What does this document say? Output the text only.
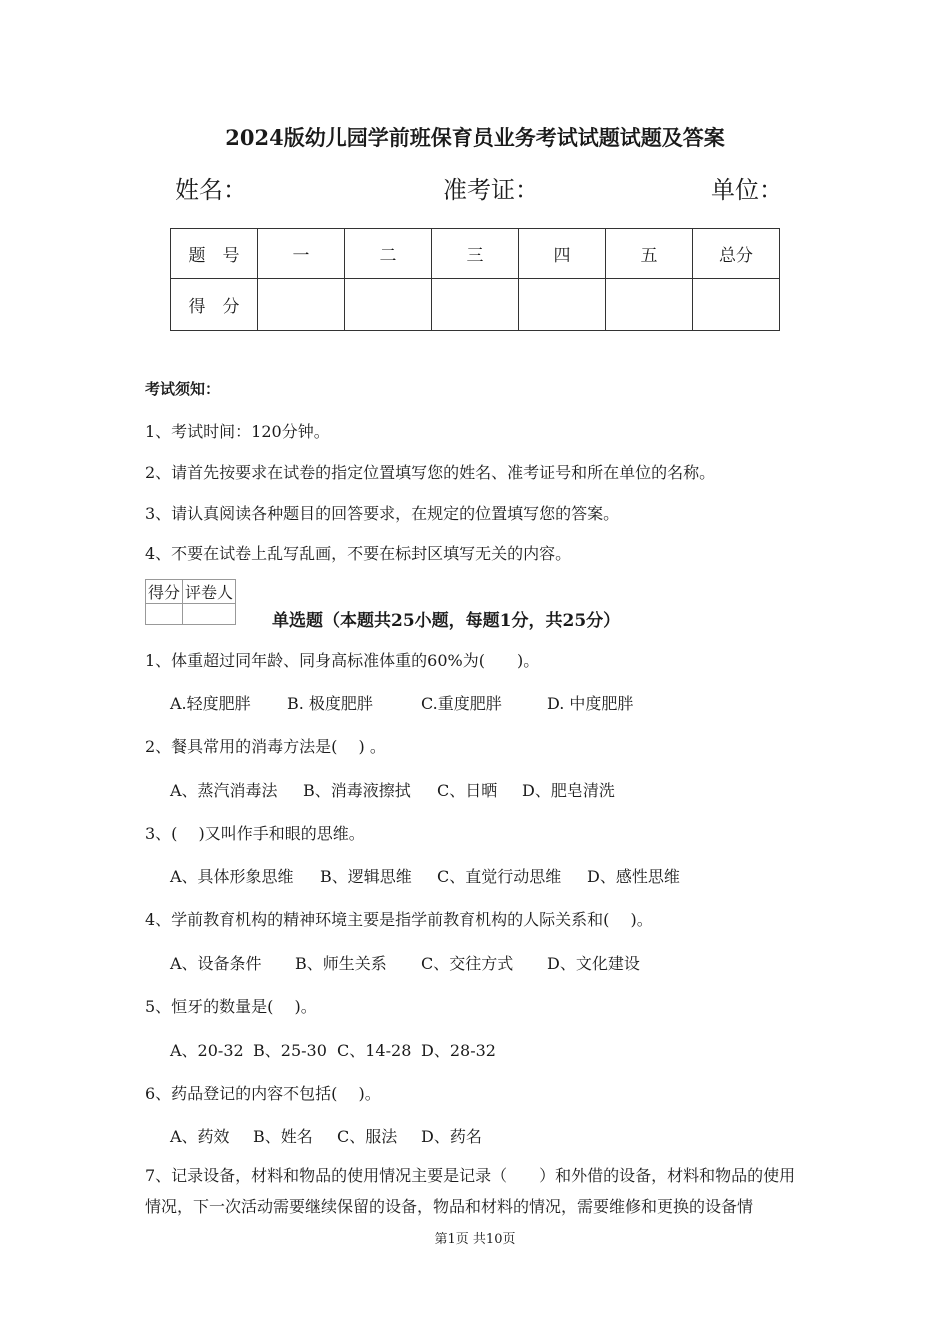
2024版幼儿园学前班保育员业务考试试题试题及答案
姓名：	准考证：	单位：
题　号	一	二	三	四	五	总分
得　分						
考试须知：
1、考试时间：120分钟。
2、请首先按要求在试卷的指定位置填写您的姓名、准考证号和所在单位的名称。
3、请认真阅读各种题目的回答要求，在规定的位置填写您的答案。
4、不要在试卷上乱写乱画，不要在标封区填写无关的内容。
得分	评卷人

单选题（本题共25小题，每题1分，共25分）
1、体重超过同年龄、同身高标准体重的60%为(　　)。
A.轻度肥胖 B. 极度肥胖	C.重度肥胖	D. 中度肥胖
2、餐具常用的消毒方法是(　 ) 。
A、蒸汽消毒法 B、消毒液擦拭 C、日晒 D、肥皂清洗
3、(　 )又叫作手和眼的思维。
A、具体形象思维 B、逻辑思维 C、直觉行动思维 D、感性思维
4、学前教育机构的精神环境主要是指学前教育机构的人际关系和(　 )。
A、设备条件 B、师生关系 C、交往方式 D、文化建设
5、恒牙的数量是(　 )。
A、20-32 B、25-30 C、14-28 D、28-32
6、药品登记的内容不包括(　 )。
A、药效 B、姓名 C、服法 D、药名
7、记录设备，材料和物品的使用情况主要是记录（　　）和外借的设备，材料和物品的使用情况，下一次活动需要继续保留的设备，物品和材料的情况，需要维修和更换的设备情
第1页 共10页
